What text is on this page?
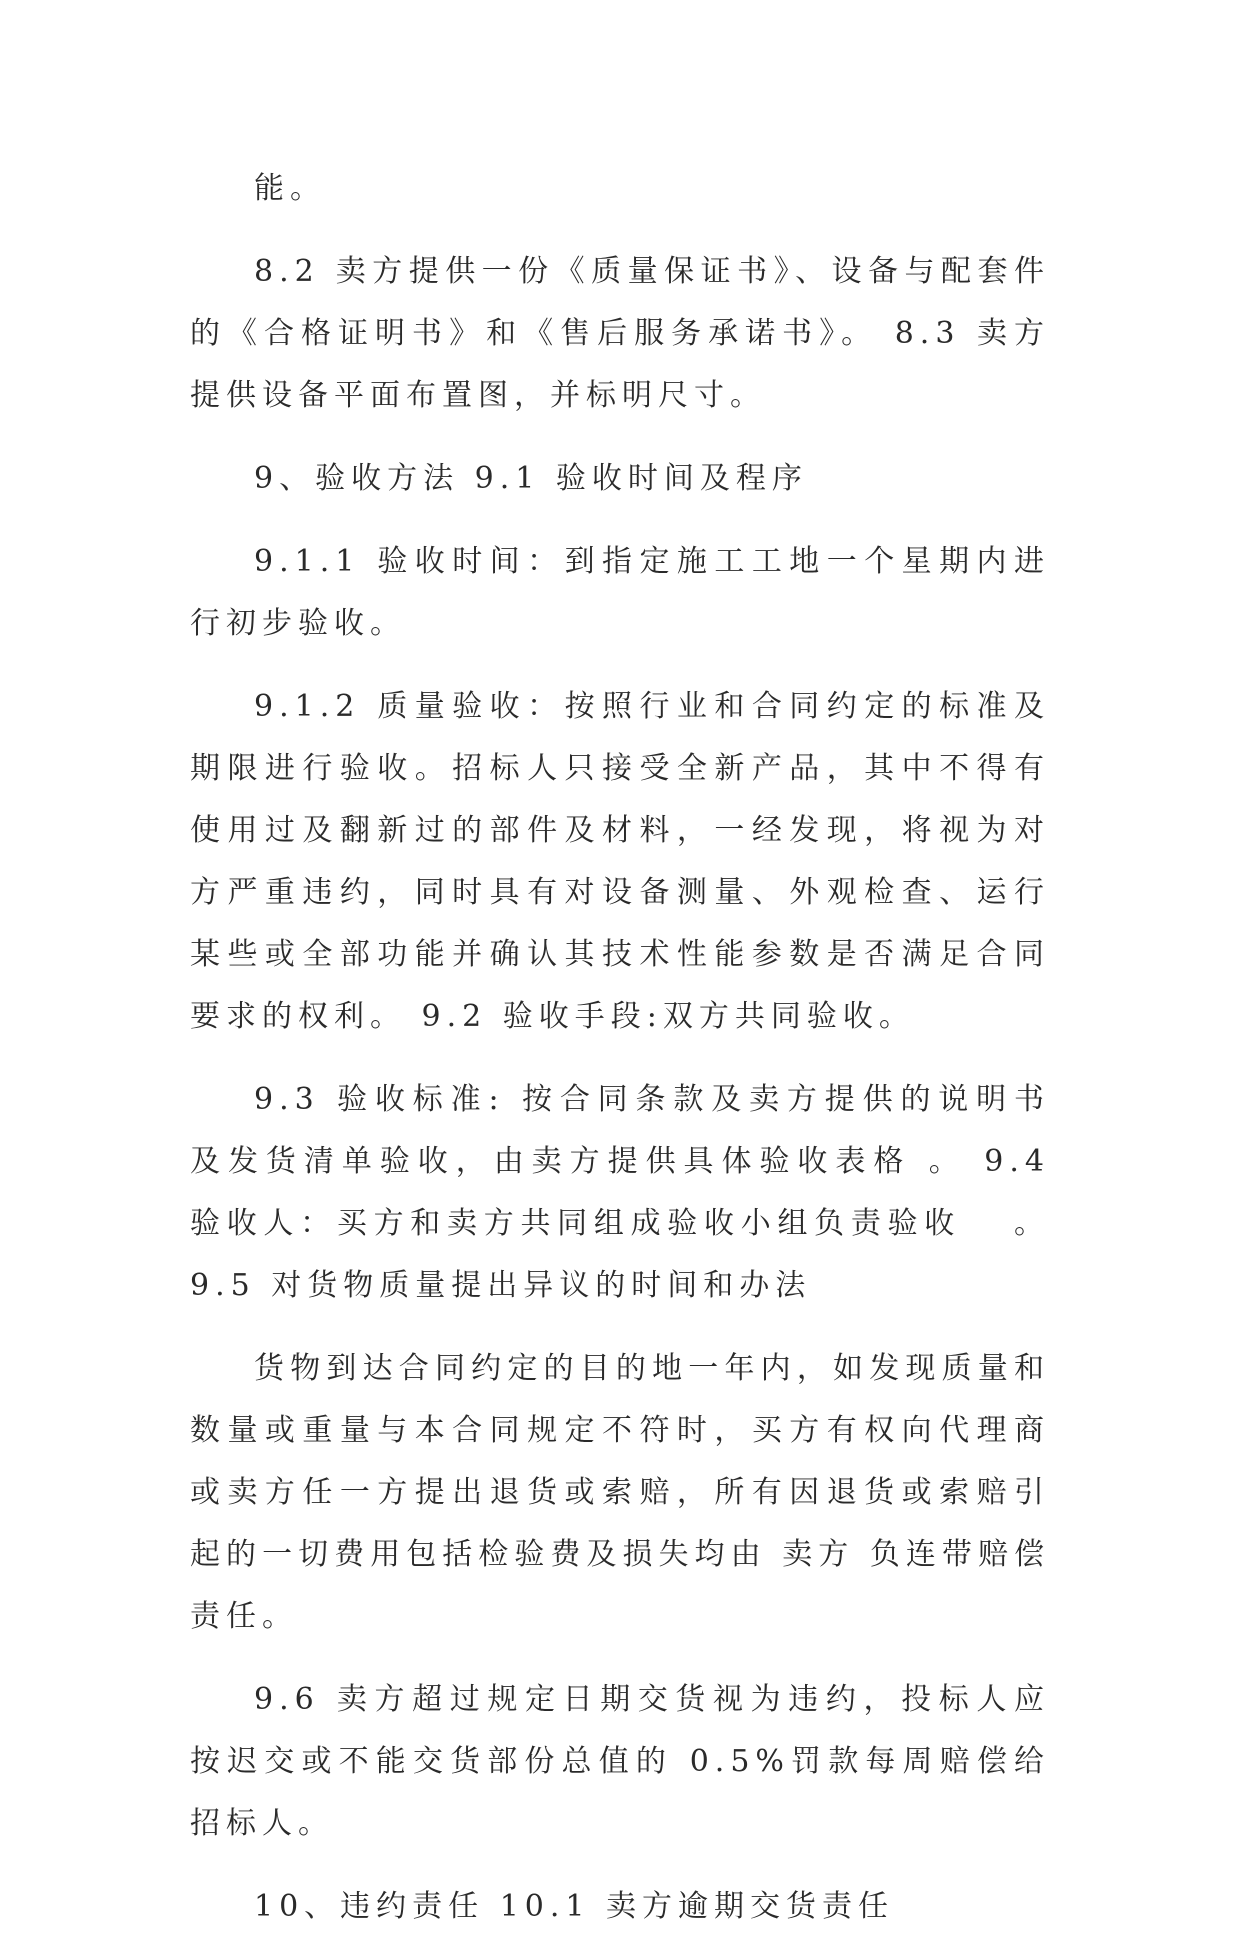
能。

8.2 卖方提供一份《质量保证书》、设备与配套件的《合格证明书》和《售后服务承诺书》。 8.3 卖方提供设备平面布置图，并标明尺寸。

9、验收方法 9.1 验收时间及程序

9.1.1 验收时间：到指定施工工地一个星期内进行初步验收。

9.1.2 质量验收：按照行业和合同约定的标准及期限进行验收。招标人只接受全新产品，其中不得有使用过及翻新过的部件及材料，一经发现，将视为对方严重违约，同时具有对设备测量、外观检查、运行某些或全部功能并确认其技术性能参数是否满足合同要求的权利。 9.2 验收手段:双方共同验收。

9.3 验收标准: 按合同条款及卖方提供的说明书及发货清单验收，由卖方提供具体验收表格 。 9.4 验收人：买方和卖方共同组成验收小组负责验收　 。9.5 对货物质量提出异议的时间和办法

货物到达合同约定的目的地一年内，如发现质量和数量或重量与本合同规定不符时，买方有权向代理商或卖方任一方提出退货或索赔，所有因退货或索赔引起的一切费用包括检验费及损失均由 卖方 负连带赔偿责任。

9.6 卖方超过规定日期交货视为违约，投标人应按迟交或不能交货部份总值的 0.5%罚款每周赔偿给招标人。

10、违约责任 10.1 卖方逾期交货责任
